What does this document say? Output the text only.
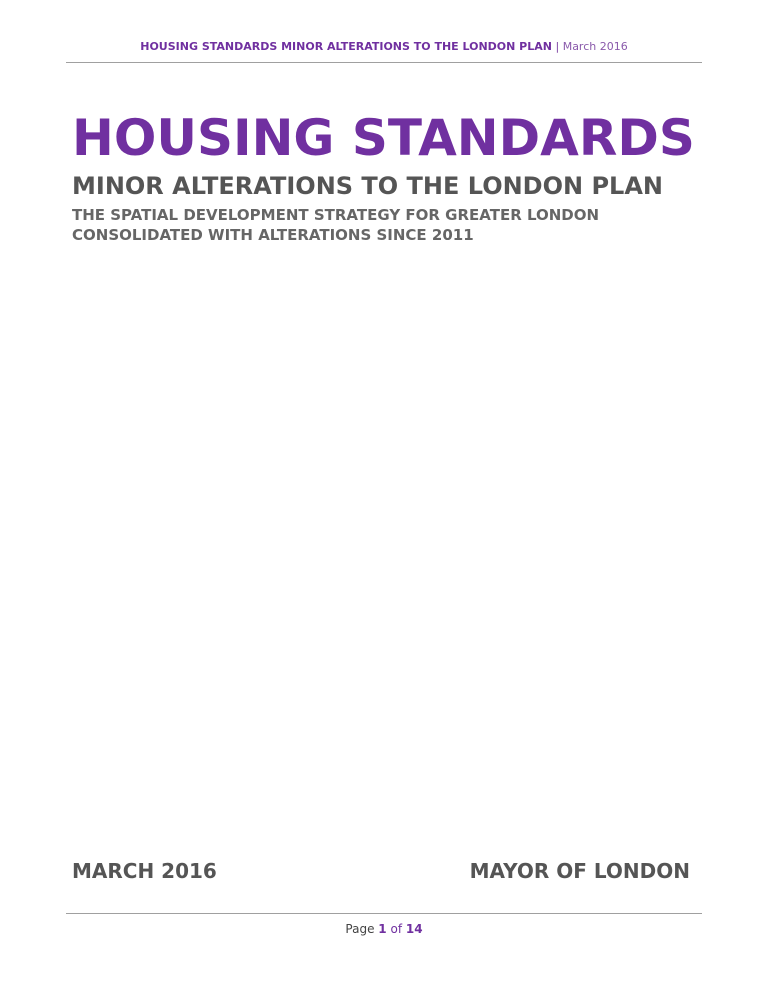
HOUSING STANDARDS MINOR ALTERATIONS TO THE LONDON PLAN | March 2016
HOUSING STANDARDS
MINOR ALTERATIONS TO THE LONDON PLAN
THE SPATIAL DEVELOPMENT STRATEGY FOR GREATER LONDON
CONSOLIDATED WITH ALTERATIONS SINCE 2011
MARCH 2016	MAYOR OF LONDON
Page 1 of 14
